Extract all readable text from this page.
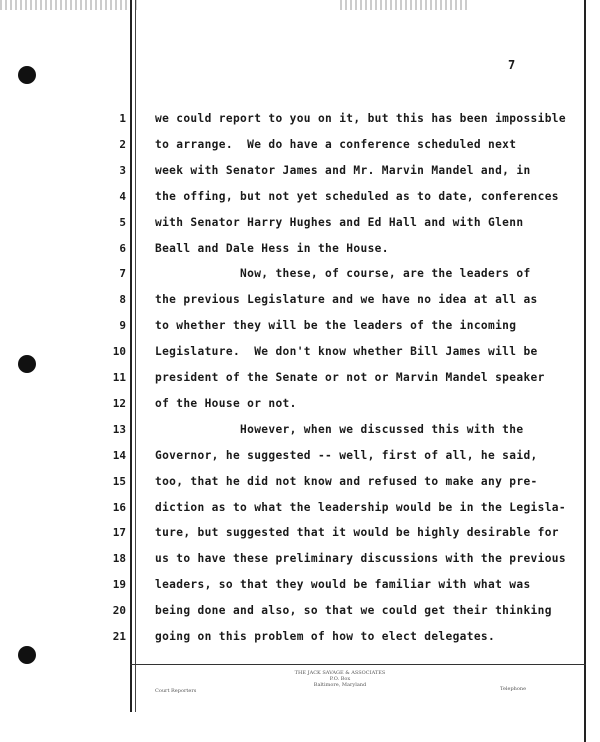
7
1	we could report to you on it, but this has been impossible
2	to arrange.  We do have a conference scheduled next
3	week with Senator James and Mr. Marvin Mandel and, in
4	the offing, but not yet scheduled as to date, conferences
5	with Senator Harry Hughes and Ed Hall and with Glenn
6	Beall and Dale Hess in the House.
7	Now, these, of course, are the leaders of
8	the previous Legislature and we have no idea at all as
9	to whether they will be the leaders of the incoming
10	Legislature.  We don't know whether Bill James will be
11	president of the Senate or not or Marvin Mandel speaker
12	of the House or not.
13	However, when we discussed this with the
14	Governor, he suggested -- well, first of all, he said,
15	too, that he did not know and refused to make any pre-
16	diction as to what the leadership would be in the Legisla-
17	ture, but suggested that it would be highly desirable for
18	us to have these preliminary discussions with the previous
19	leaders, so that they would be familiar with what was
20	being done and also, so that we could get their thinking
21	going on this problem of how to elect delegates.
THE JACK SAVAGE & ASSOCIATES
P.O. Box
Baltimore, Maryland
Court Reporters	Telephone
